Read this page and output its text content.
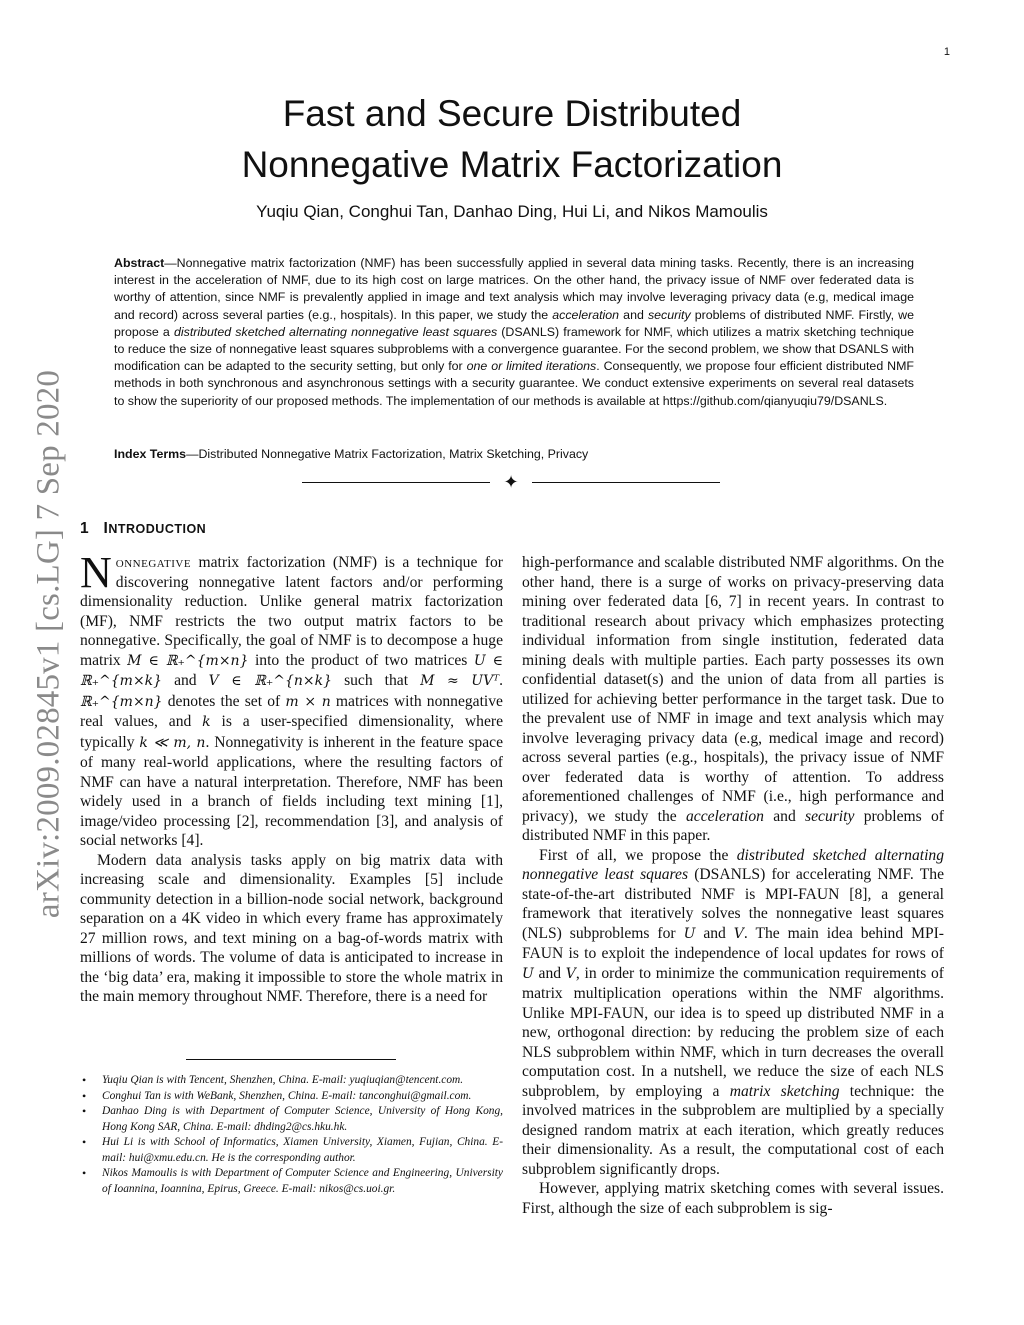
1
Fast and Secure Distributed
Nonnegative Matrix Factorization
Yuqiu Qian, Conghui Tan, Danhao Ding, Hui Li, and Nikos Mamoulis
Abstract—Nonnegative matrix factorization (NMF) has been successfully applied in several data mining tasks. Recently, there is an increasing interest in the acceleration of NMF, due to its high cost on large matrices. On the other hand, the privacy issue of NMF over federated data is worthy of attention, since NMF is prevalently applied in image and text analysis which may involve leveraging privacy data (e.g, medical image and record) across several parties (e.g., hospitals). In this paper, we study the acceleration and security problems of distributed NMF. Firstly, we propose a distributed sketched alternating nonnegative least squares (DSANLS) framework for NMF, which utilizes a matrix sketching technique to reduce the size of nonnegative least squares subproblems with a convergence guarantee. For the second problem, we show that DSANLS with modification can be adapted to the security setting, but only for one or limited iterations. Consequently, we propose four efficient distributed NMF methods in both synchronous and asynchronous settings with a security guarantee. We conduct extensive experiments on several real datasets to show the superiority of our proposed methods. The implementation of our methods is available at https://github.com/qianyuqiu79/DSANLS.
Index Terms—Distributed Nonnegative Matrix Factorization, Matrix Sketching, Privacy
✦
arXiv:2009.02845v1 [cs.LG] 7 Sep 2020 1 INTRODUCTION

Nonnegative matrix factorization (NMF) is a technique for discovering nonnegative latent factors and/or performing dimensionality reduction. Unlike general matrix factorization (MF), NMF restricts the two output matrix factors to be nonnegative. Specifically, the goal of NMF is to decompose a huge matrix M ∈ ℝ₊^{m×n} into the product of two matrices U ∈ ℝ₊^{m×k} and V ∈ ℝ₊^{n×k} such that M ≈ UVᵀ. ℝ₊^{m×n} denotes the set of m × n matrices with nonnegative real values, and k is a user-specified dimensionality, where typically k ≪ m, n. Nonnegativity is inherent in the feature space of many real-world applications, where the resulting factors of NMF can have a natural interpretation. Therefore, NMF has been widely used in a branch of fields including text mining [1], image/video processing [2], recommendation [3], and analysis of social networks [4].

Modern data analysis tasks apply on big matrix data with increasing scale and dimensionality. Examples [5] include community detection in a billion-node social network, background separation on a 4K video in which every frame has approximately 27 million rows, and text mining on a bag-of-words matrix with millions of words. The volume of data is anticipated to increase in the ‘big data’ era, making it impossible to store the whole matrix in the main memory throughout NMF. Therefore, there is a need for

high-performance and scalable distributed NMF algorithms. On the other hand, there is a surge of works on privacy-preserving data mining over federated data [6, 7] in recent years. In contrast to traditional research about privacy which emphasizes protecting individual information from single institution, federated data mining deals with multiple parties. Each party possesses its own confidential dataset(s) and the union of data from all parties is utilized for achieving better performance in the target task. Due to the prevalent use of NMF in image and text analysis which may involve leveraging privacy data (e.g, medical image and record) across several parties (e.g., hospitals), the privacy issue of NMF over federated data is worthy of attention. To address aforementioned challenges of NMF (i.e., high performance and privacy), we study the acceleration and security problems of distributed NMF in this paper.

First of all, we propose the distributed sketched alternating nonnegative least squares (DSANLS) for accelerating NMF. The state-of-the-art distributed NMF is MPI-FAUN [8], a general framework that iteratively solves the nonnegative least squares (NLS) subproblems for U and V. The main idea behind MPI-FAUN is to exploit the independence of local updates for rows of U and V, in order to minimize the communication requirements of matrix multiplication operations within the NMF algorithms. Unlike MPI-FAUN, our idea is to speed up distributed NMF in a new, orthogonal direction: by reducing the problem size of each NLS subproblem within NMF, which in turn decreases the overall computation cost. In a nutshell, we reduce the size of each NLS subproblem, by employing a matrix sketching technique: the involved matrices in the subproblem are multiplied by a specially designed random matrix at each iteration, which greatly reduces their dimensionality. As a result, the computational cost of each subproblem significantly drops.

However, applying matrix sketching comes with several issues. First, although the size of each subproblem is sig-

• Yuqiu Qian is with Tencent, Shenzhen, China. E-mail: yuqiuqian@tencent.com.
• Conghui Tan is with WeBank, Shenzhen, China. E-mail: tanconghui@gmail.com.
• Danhao Ding is with Department of Computer Science, University of Hong Kong, Hong Kong SAR, China. E-mail: dhding2@cs.hku.hk.
• Hui Li is with School of Informatics, Xiamen University, Xiamen, Fujian, China. E-mail: hui@xmu.edu.cn. He is the corresponding author.
• Nikos Mamoulis is with Department of Computer Science and Engineering, University of Ioannina, Ioannina, Epirus, Greece. E-mail: nikos@cs.uoi.gr.
